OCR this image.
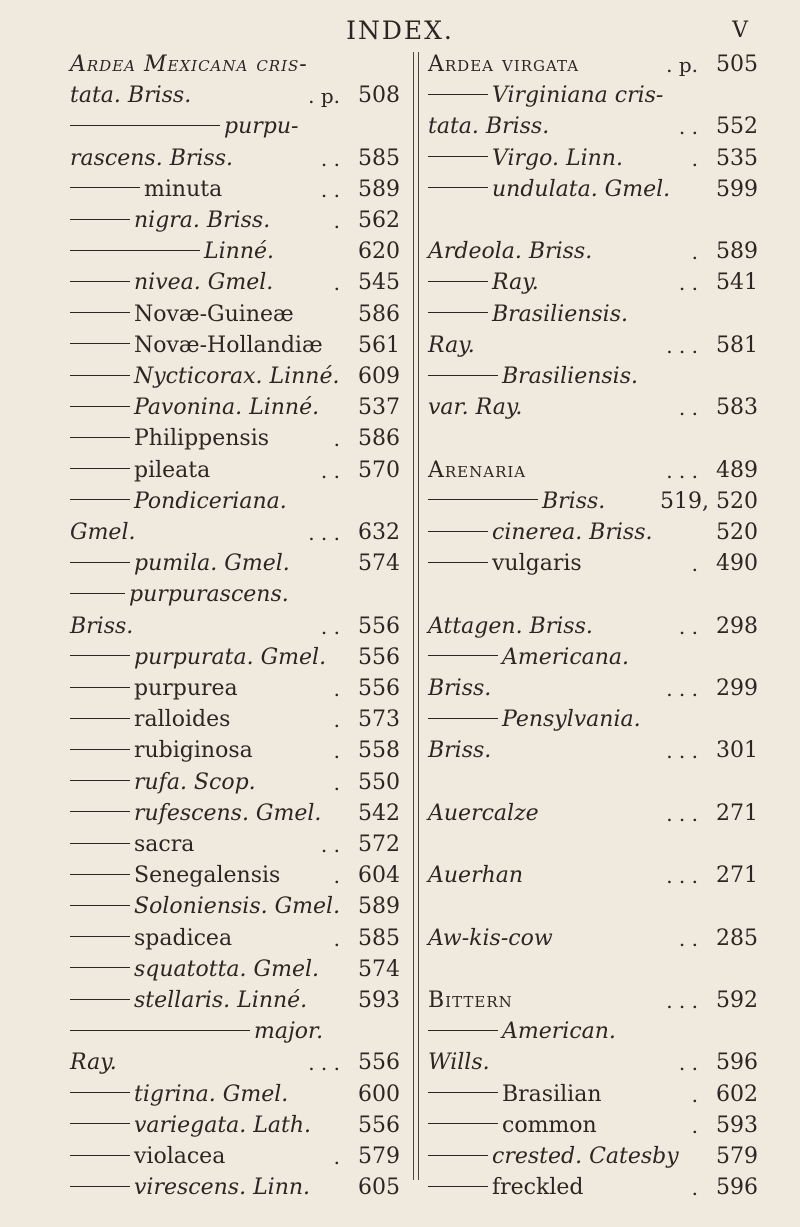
INDEX.	V
Ardea Mexicana cris-
tata. Briss.	. p. 508
purpu-
rascens. Briss.	. . 585
minuta	. . 589
nigra. Briss.	. 562
Linné.	620
nivea. Gmel.	. 545
Novæ-Guineæ	586
Novæ-Hollandiæ 561
Nycticorax. Linné. 609
Pavonina. Linné. 537
Philippensis	. 586
pileata	. . 570
Pondiceriana.
Gmel.	. . . 632
pumila. Gmel.	574
purpurascens.
Briss.	. . 556
purpurata. Gmel. 556
purpurea	. 556
ralloides	. 573
rubiginosa	. 558
rufa. Scop.	. 550
rufescens. Gmel. 542
sacra	. . 572
Senegalensis	. 604
Soloniensis. Gmel. 589
spadicea	. 585
squatotta. Gmel. 574
stellaris. Linné. 593
major.
Ray.	. . . 556
tigrina. Gmel.	600
variegata. Lath. 556
violacea	. 579
virescens. Linn. 605
Ardea virgata	. p. 505
Virginiana cris-
tata. Briss.	. . 552
Virgo. Linn.	. 535
undulata. Gmel. 599
Ardeola. Briss.	. 589
Ray.	. . 541
Brasiliensis.
Ray.	. . . 581
Brasiliensis.
var. Ray.	. . 583
Arenaria	. . . 489
Briss. 519, 520
cinerea. Briss.	520
vulgaris	. 490
Attagen. Briss.	. . 298
Americana.
Briss.	. . . 299
Pensylvania.
Briss.	. . . 301
Auercalze	. . . 271
Auerhan	. . . 271
Aw-kis-cow	. . 285
Bittern	. . . 592
American.
Wills.	. . 596
Brasilian	. 602
common	. 593
crested. Catesby 579
freckled	. 596
